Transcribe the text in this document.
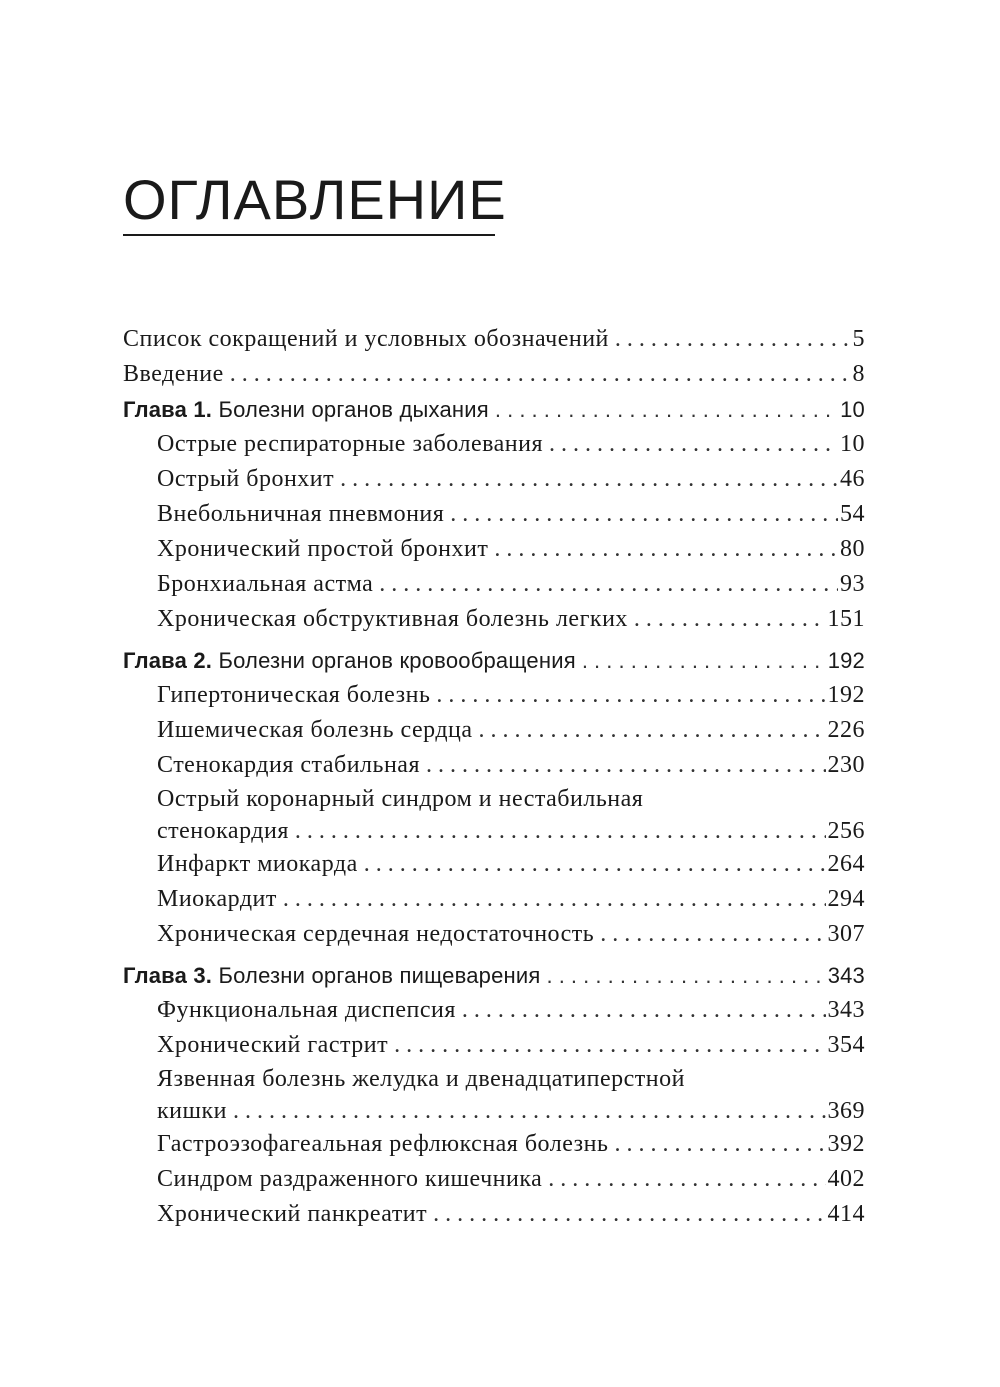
ОГЛАВЛЕНИЕ
Список сокращений и условных обозначений . . .	5
Введение . . .	8
Глава 1. Болезни органов дыхания . . .	10
Острые респираторные заболевания . . .	10
Острый бронхит . . .	46
Внебольничная пневмония . . .	54
Хронический простой бронхит . . .	80
Бронхиальная астма . . .	93
Хроническая обструктивная болезнь легких . . .	151
Глава 2. Болезни органов кровообращения . . .	192
Гипертоническая болезнь . . .	192
Ишемическая болезнь сердца . . .	226
Стенокардия стабильная . . .	230
Острый коронарный синдром и нестабильная
стенокардия . . .	256
Инфаркт миокарда . . .	264
Миокардит . . .	294
Хроническая сердечная недостаточность . . .	307
Глава 3. Болезни органов пищеварения . . .	343
Функциональная диспепсия . . .	343
Хронический гастрит . . .	354
Язвенная болезнь желудка и двенадцатиперстной
кишки . . .	369
Гастроэзофагеальная рефлюксная болезнь . . .	392
Синдром раздраженного кишечника . . .	402
Хронический панкреатит . . .	414
